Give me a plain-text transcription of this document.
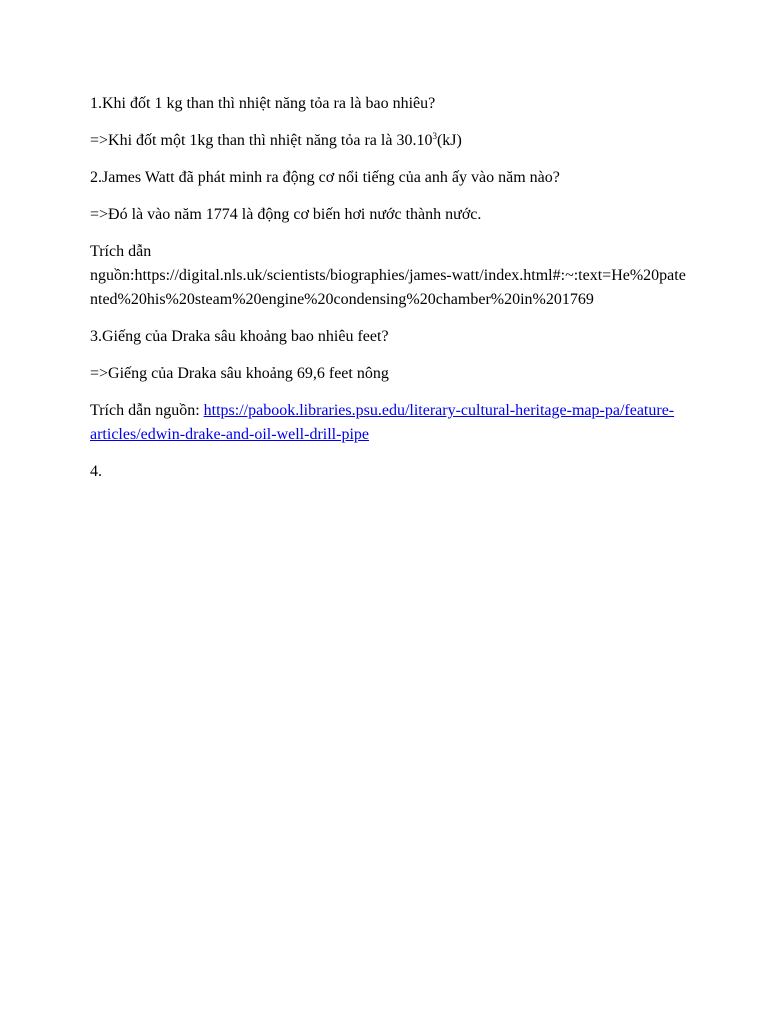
1.Khi đốt 1 kg than thì nhiệt năng tỏa ra là bao nhiêu?

=>Khi đốt một 1kg than thì nhiệt năng tỏa ra là 30.10$^3$(kJ)

2.James Watt đã phát minh ra động cơ nổi tiếng của anh ấy vào năm nào?

=>Đó là vào năm 1774 là động cơ biến hơi nước thành nước.

Trích dẫn
nguồn:https://digital.nls.uk/scientists/biographies/james-watt/index.html#:~:text=He%20patented%20his%20steam%20engine%20condensing%20chamber%20in%201769

3.Giếng của Draka sâu khoảng bao nhiêu feet?

=>Giếng của Draka sâu khoảng 69,6 feet nông

Trích dẫn nguồn: https://pabook.libraries.psu.edu/literary-cultural-heritage-map-pa/feature-articles/edwin-drake-and-oil-well-drill-pipe

4.
